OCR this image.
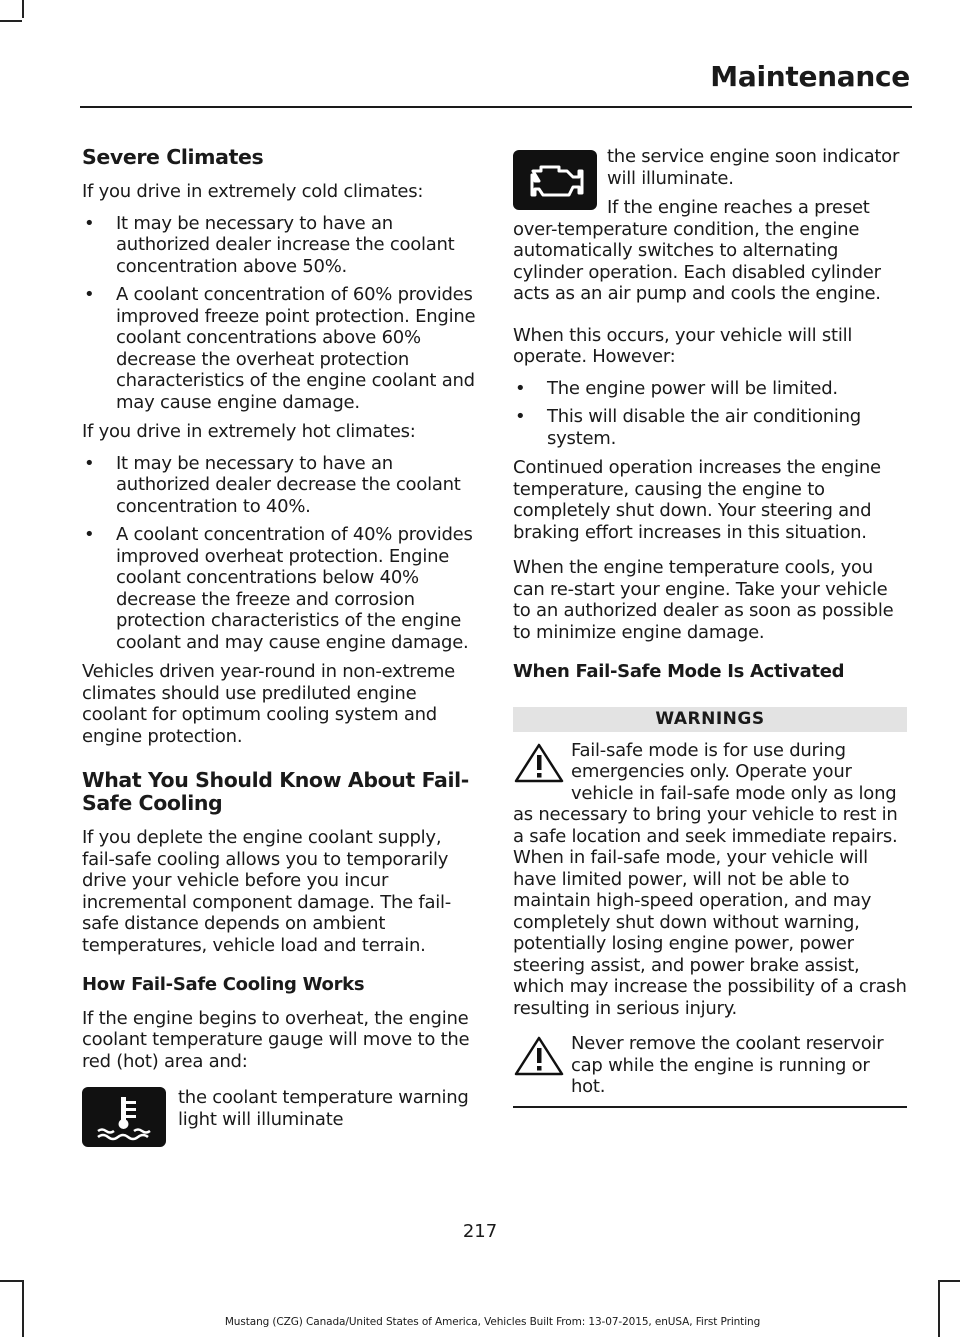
Maintenance
Severe Climates

If you drive in extremely cold climates:

• It may be necessary to have an authorized dealer increase the coolant concentration above 50%.
• A coolant concentration of 60% provides improved freeze point protection. Engine coolant concentrations above 60% decrease the overheat protection characteristics of the engine coolant and may cause engine damage.

If you drive in extremely hot climates:

• It may be necessary to have an authorized dealer decrease the coolant concentration to 40%.
• A coolant concentration of 40% provides improved overheat protection. Engine coolant concentrations below 40% decrease the freeze and corrosion protection characteristics of the engine coolant and may cause engine damage.

Vehicles driven year-round in non-extreme climates should use prediluted engine coolant for optimum cooling system and engine protection.

What You Should Know About Fail-Safe Cooling

If you deplete the engine coolant supply, fail-safe cooling allows you to temporarily drive your vehicle before you incur incremental component damage. The fail-safe distance depends on ambient temperatures, vehicle load and terrain.

How Fail-Safe Cooling Works

If the engine begins to overheat, the engine coolant temperature gauge will move to the red (hot) area and:

the coolant temperature warning light will illuminate

the service engine soon indicator will illuminate.

If the engine reaches a preset over-temperature condition, the engine automatically switches to alternating cylinder operation. Each disabled cylinder acts as an air pump and cools the engine.

When this occurs, your vehicle will still operate. However:

• The engine power will be limited.
• This will disable the air conditioning system.

Continued operation increases the engine temperature, causing the engine to completely shut down. Your steering and braking effort increases in this situation.

When the engine temperature cools, you can re-start your engine. Take your vehicle to an authorized dealer as soon as possible to minimize engine damage.

When Fail-Safe Mode Is Activated
WARNINGS
Fail-safe mode is for use during emergencies only. Operate your vehicle in fail-safe mode only as long as necessary to bring your vehicle to rest in a safe location and seek immediate repairs. When in fail-safe mode, your vehicle will have limited power, will not be able to maintain high-speed operation, and may completely shut down without warning, potentially losing engine power, power steering assist, and power brake assist, which may increase the possibility of a crash resulting in serious injury.
Never remove the coolant reservoir cap while the engine is running or hot.
217
Mustang (CZG) Canada/United States of America, Vehicles Built From: 13-07-2015, enUSA, First Printing
